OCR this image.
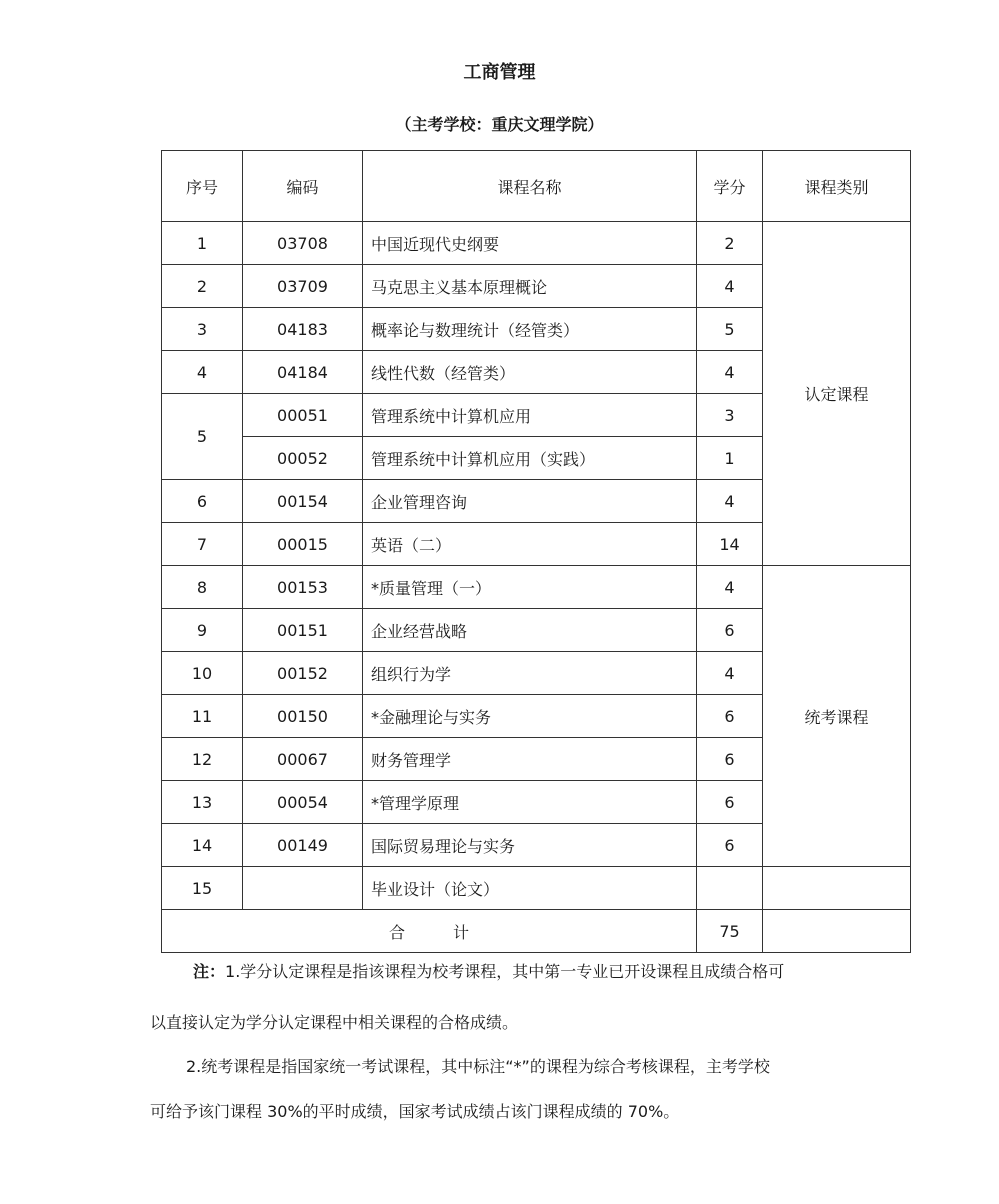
工商管理
（主考学校：重庆文理学院）
序号	编码	课程名称	学分	课程类别
1	03708	中国近现代史纲要	2	认定课程
2	03709	马克思主义基本原理概论	4	
3	04183	概率论与数理统计（经管类）	5	
4	04184	线性代数（经管类）	4	
5	00051	管理系统中计算机应用	3	
	00052	管理系统中计算机应用（实践）	1	
6	00154	企业管理咨询	4	
7	00015	英语（二）	14	
8	00153	*质量管理（一）	4	统考课程
9	00151	企业经营战略	6	
10	00152	组织行为学	4	
11	00150	*金融理论与实务	6	
12	00067	财务管理学	6	
13	00054	*管理学原理	6	
14	00149	国际贸易理论与实务	6	
15		毕业设计（论文）		
合　　　计			75	
注：1.学分认定课程是指该课程为校考课程，其中第一专业已开设课程且成绩合格可
以直接认定为学分认定课程中相关课程的合格成绩。
2.统考课程是指国家统一考试课程，其中标注“*”的课程为综合考核课程，主考学校
可给予该门课程 30%的平时成绩，国家考试成绩占该门课程成绩的 70%。
